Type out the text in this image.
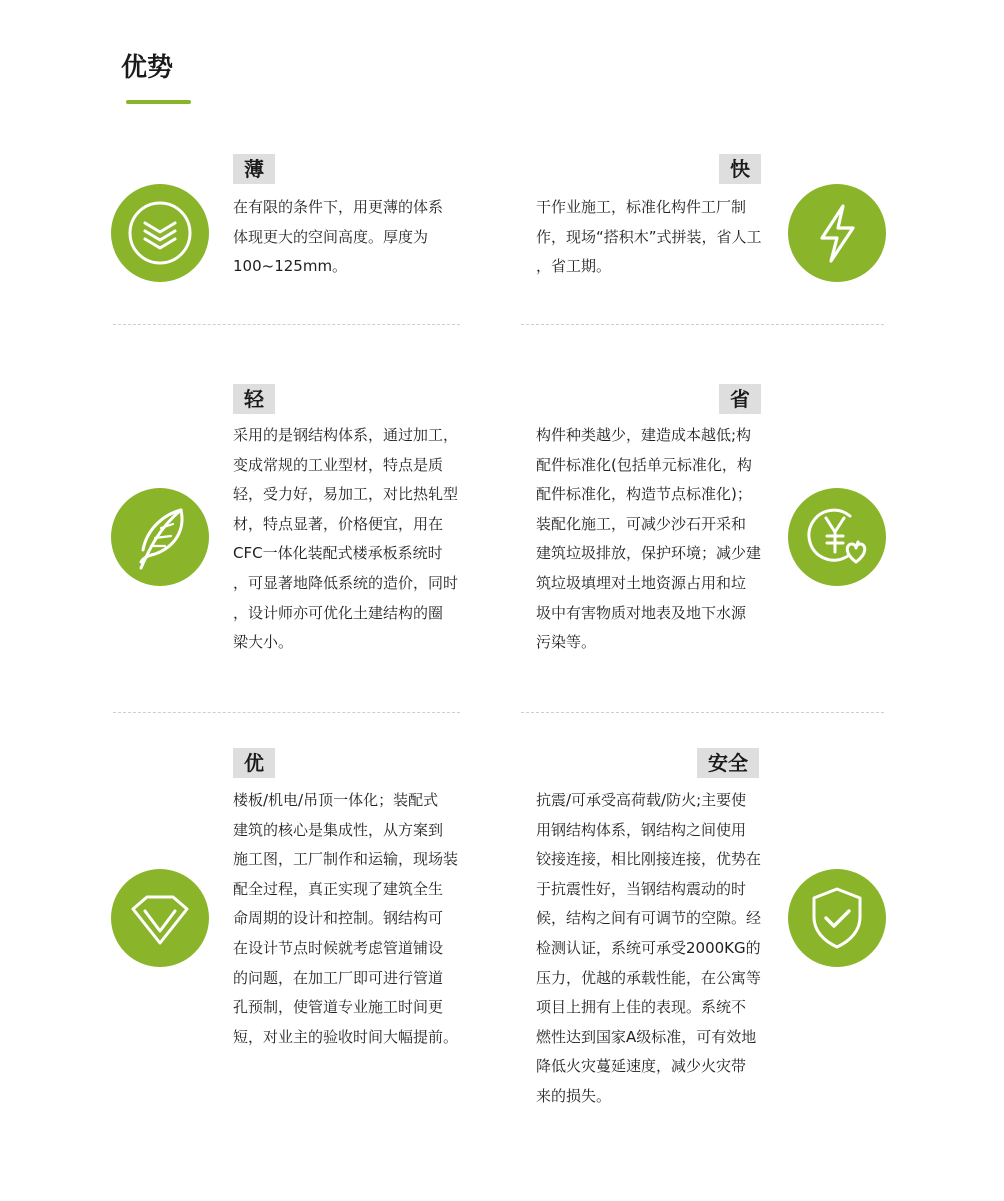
优势
薄

在有限的条件下，用更薄的体系
体现更大的空间高度。厚度为
100~125mm。

快

干作业施工，标准化构件工厂制
作，现场“搭积木”式拼装，省人工
，省工期。

轻

采用的是钢结构体系，通过加工，
变成常规的工业型材，特点是质
轻，受力好，易加工，对比热轧型
材，特点显著，价格便宜，用在
CFC一体化装配式楼承板系统时
，可显著地降低系统的造价，同时
，设计师亦可优化土建结构的圈
梁大小。

省

构件种类越少，建造成本越低;构
配件标准化(包括单元标准化，构
配件标准化，构造节点标准化)；
装配化施工，可减少沙石开采和
建筑垃圾排放，保护环境；减少建
筑垃圾填埋对土地资源占用和垃
圾中有害物质对地表及地下水源
污染等。

优

楼板/机电/吊顶一体化；装配式
建筑的核心是集成性，从方案到
施工图，工厂制作和运输，现场装
配全过程，真正实现了建筑全生
命周期的设计和控制。钢结构可
在设计节点时候就考虑管道铺设
的问题，在加工厂即可进行管道
孔预制，使管道专业施工时间更
短，对业主的验收时间大幅提前。

安全

抗震/可承受高荷载/防火;主要使
用钢结构体系，钢结构之间使用
铰接连接，相比刚接连接，优势在
于抗震性好，当钢结构震动的时
候，结构之间有可调节的空隙。经
检测认证，系统可承受2000KG的
压力，优越的承载性能，在公寓等
项目上拥有上佳的表现。系统不
燃性达到国家A级标准，可有效地
降低火灾蔓延速度，减少火灾带
来的损失。
